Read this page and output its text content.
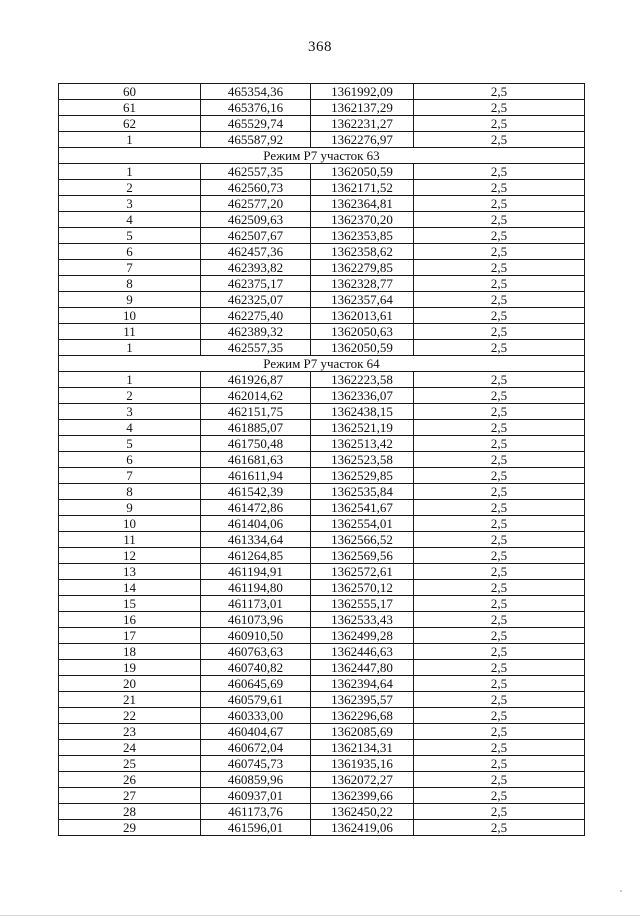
368
60	465354,36	1361992,09	2,5
61	465376,16	1362137,29	2,5
62	465529,74	1362231,27	2,5
1	465587,92	1362276,97	2,5
Режим Р7 участок 63			
1	462557,35	1362050,59	2,5
2	462560,73	1362171,52	2,5
3	462577,20	1362364,81	2,5
4	462509,63	1362370,20	2,5
5	462507,67	1362353,85	2,5
6	462457,36	1362358,62	2,5
7	462393,82	1362279,85	2,5
8	462375,17	1362328,77	2,5
9	462325,07	1362357,64	2,5
10	462275,40	1362013,61	2,5
11	462389,32	1362050,63	2,5
1	462557,35	1362050,59	2,5
Режим Р7 участок 64			
1	461926,87	1362223,58	2,5
2	462014,62	1362336,07	2,5
3	462151,75	1362438,15	2,5
4	461885,07	1362521,19	2,5
5	461750,48	1362513,42	2,5
6	461681,63	1362523,58	2,5
7	461611,94	1362529,85	2,5
8	461542,39	1362535,84	2,5
9	461472,86	1362541,67	2,5
10	461404,06	1362554,01	2,5
11	461334,64	1362566,52	2,5
12	461264,85	1362569,56	2,5
13	461194,91	1362572,61	2,5
14	461194,80	1362570,12	2,5
15	461173,01	1362555,17	2,5
16	461073,96	1362533,43	2,5
17	460910,50	1362499,28	2,5
18	460763,63	1362446,63	2,5
19	460740,82	1362447,80	2,5
20	460645,69	1362394,64	2,5
21	460579,61	1362395,57	2,5
22	460333,00	1362296,68	2,5
23	460404,67	1362085,69	2,5
24	460672,04	1362134,31	2,5
25	460745,73	1361935,16	2,5
26	460859,96	1362072,27	2,5
27	460937,01	1362399,66	2,5
28	461173,76	1362450,22	2,5
29	461596,01	1362419,06	2,5
